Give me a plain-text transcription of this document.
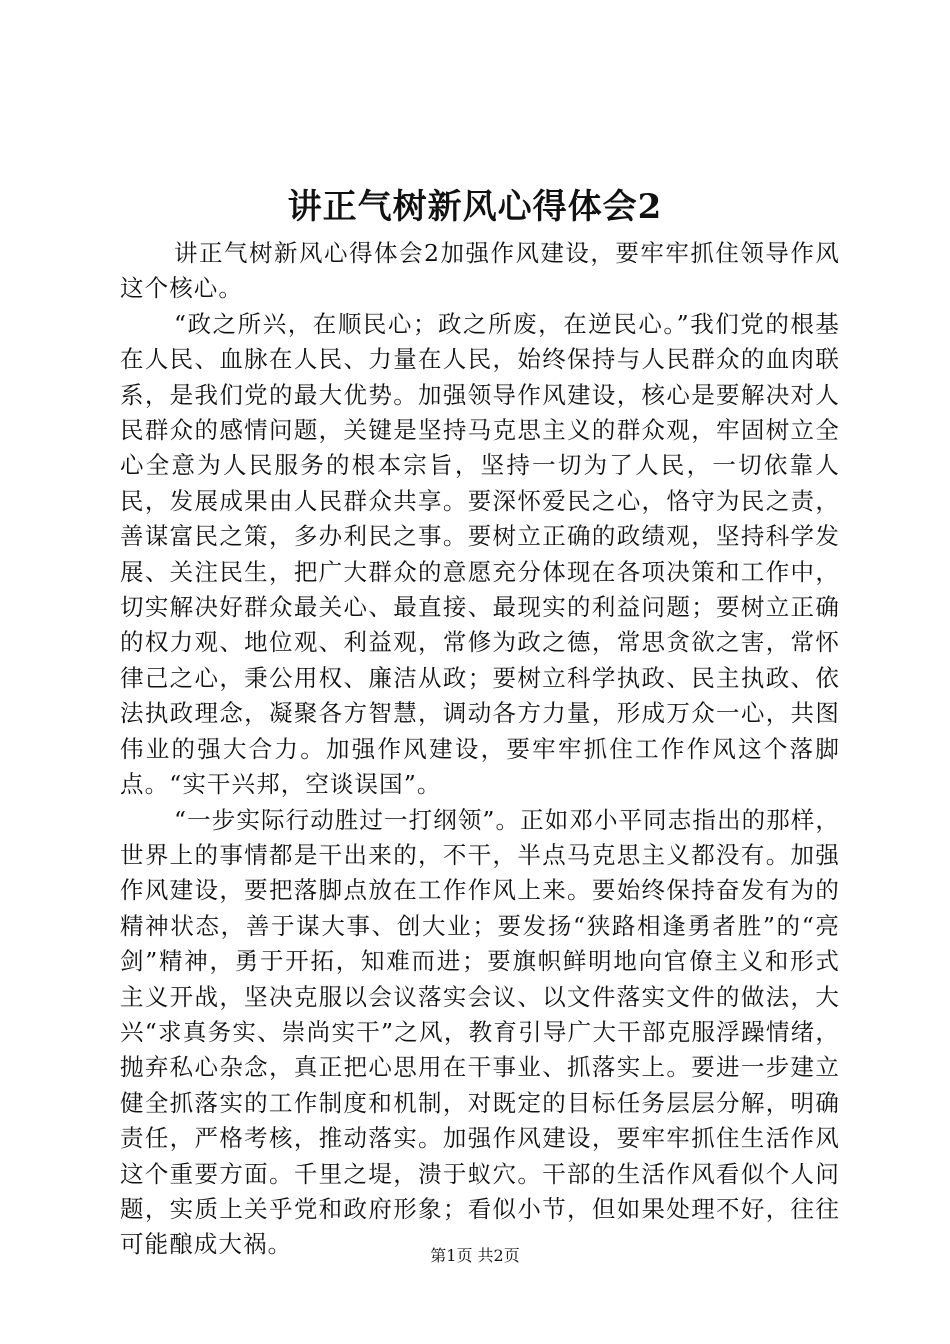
讲正气树新风心得体会2

讲正气树新风心得体会2加强作风建设，要牢牢抓住领导作风这个核心。

“政之所兴，在顺民心；政之所废，在逆民心。”我们党的根基在人民、血脉在人民、力量在人民，始终保持与人民群众的血肉联系，是我们党的最大优势。加强领导作风建设，核心是要解决对人民群众的感情问题，关键是坚持马克思主义的群众观，牢固树立全心全意为人民服务的根本宗旨，坚持一切为了人民，一切依靠人民，发展成果由人民群众共享。要深怀爱民之心，恪守为民之责，善谋富民之策，多办利民之事。要树立正确的政绩观，坚持科学发展、关注民生，把广大群众的意愿充分体现在各项决策和工作中，切实解决好群众最关心、最直接、最现实的利益问题；要树立正确的权力观、地位观、利益观，常修为政之德，常思贪欲之害，常怀律己之心，秉公用权、廉洁从政；要树立科学执政、民主执政、依法执政理念，凝聚各方智慧，调动各方力量，形成万众一心，共图伟业的强大合力。加强作风建设，要牢牢抓住工作作风这个落脚点。“实干兴邦，空谈误国”。

“一步实际行动胜过一打纲领”。正如邓小平同志指出的那样，世界上的事情都是干出来的，不干，半点马克思主义都没有。加强作风建设，要把落脚点放在工作作风上来。要始终保持奋发有为的精神状态，善于谋大事、创大业；要发扬“狭路相逢勇者胜”的“亮剑”精神，勇于开拓，知难而进；要旗帜鲜明地向官僚主义和形式主义开战，坚决克服以会议落实会议、以文件落实文件的做法，大兴“求真务实、崇尚实干”之风，教育引导广大干部克服浮躁情绪，抛弃私心杂念，真正把心思用在干事业、抓落实上。要进一步建立健全抓落实的工作制度和机制，对既定的目标任务层层分解，明确责任，严格考核，推动落实。加强作风建设，要牢牢抓住生活作风这个重要方面。千里之堤，溃于蚁穴。干部的生活作风看似个人问题，实质上关乎党和政府形象；看似小节，但如果处理不好，往往可能酿成大祸。	第1页 共2页
